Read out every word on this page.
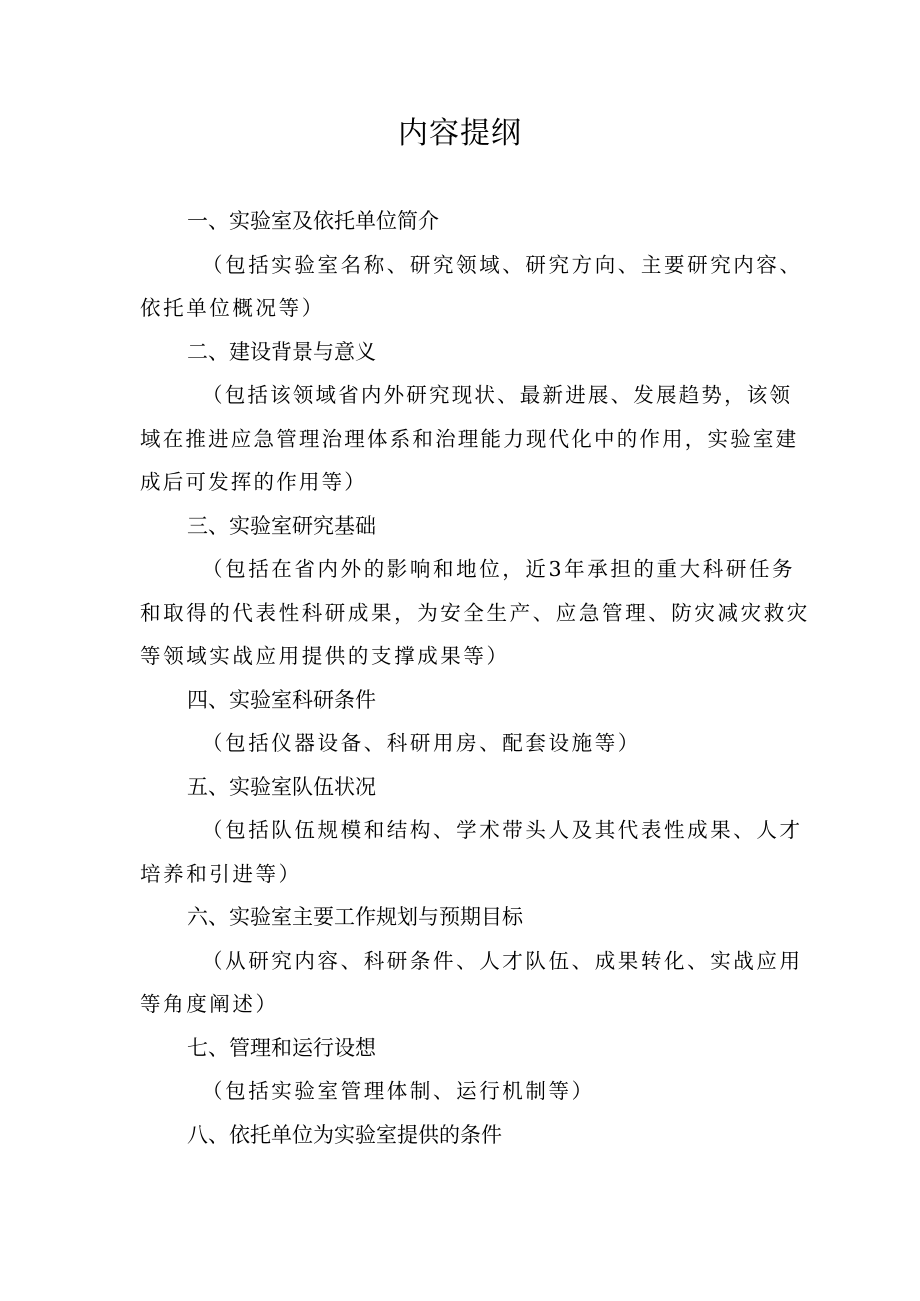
内容提纲

一、实验室及依托单位简介

（包括实验室名称、研究领域、研究方向、主要研究内容、依托单位概况等）

二、建设背景与意义

（包括该领域省内外研究现状、最新进展、发展趋势，该领域在推进应急管理治理体系和治理能力现代化中的作用，实验室建成后可发挥的作用等）

三、实验室研究基础

（包括在省内外的影响和地位，近3年承担的重大科研任务和取得的代表性科研成果，为安全生产、应急管理、防灾减灾救灾等领域实战应用提供的支撑成果等）

四、实验室科研条件

（包括仪器设备、科研用房、配套设施等）

五、实验室队伍状况

（包括队伍规模和结构、学术带头人及其代表性成果、人才培养和引进等）

六、实验室主要工作规划与预期目标

（从研究内容、科研条件、人才队伍、成果转化、实战应用等角度阐述）

七、管理和运行设想

（包括实验室管理体制、运行机制等）

八、依托单位为实验室提供的条件
